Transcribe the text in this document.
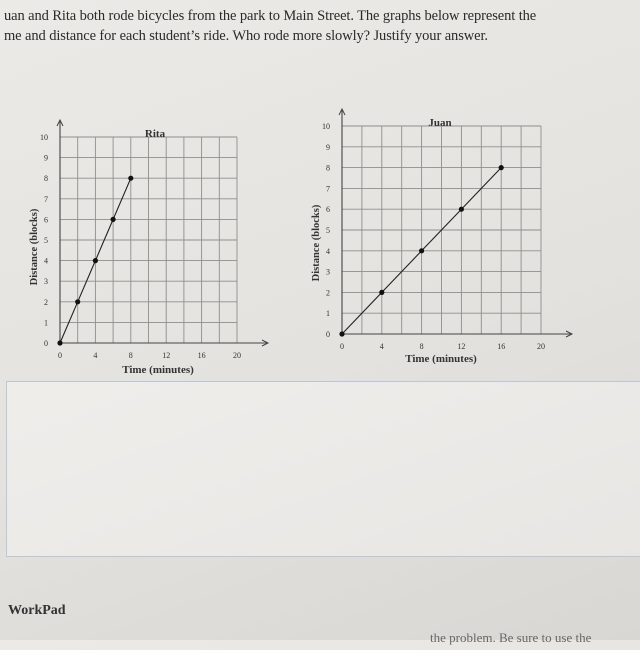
uan and Rita both rode bicycles from the park to Main Street. The graphs below represent the
me and distance for each student’s ride. Who rode more slowly? Justify your answer.
0
1
2
3
4
5
6
7
8
9
10
0	4	8	12	16	20
Rita
Time (minutes)
Distance (blocks)
0
1
2
3
4
5
6
7
8
9
10
0	4	8	12	16	20
Juan
Time (minutes)
Distance (blocks)
WorkPad
the problem. Be sure to use the
